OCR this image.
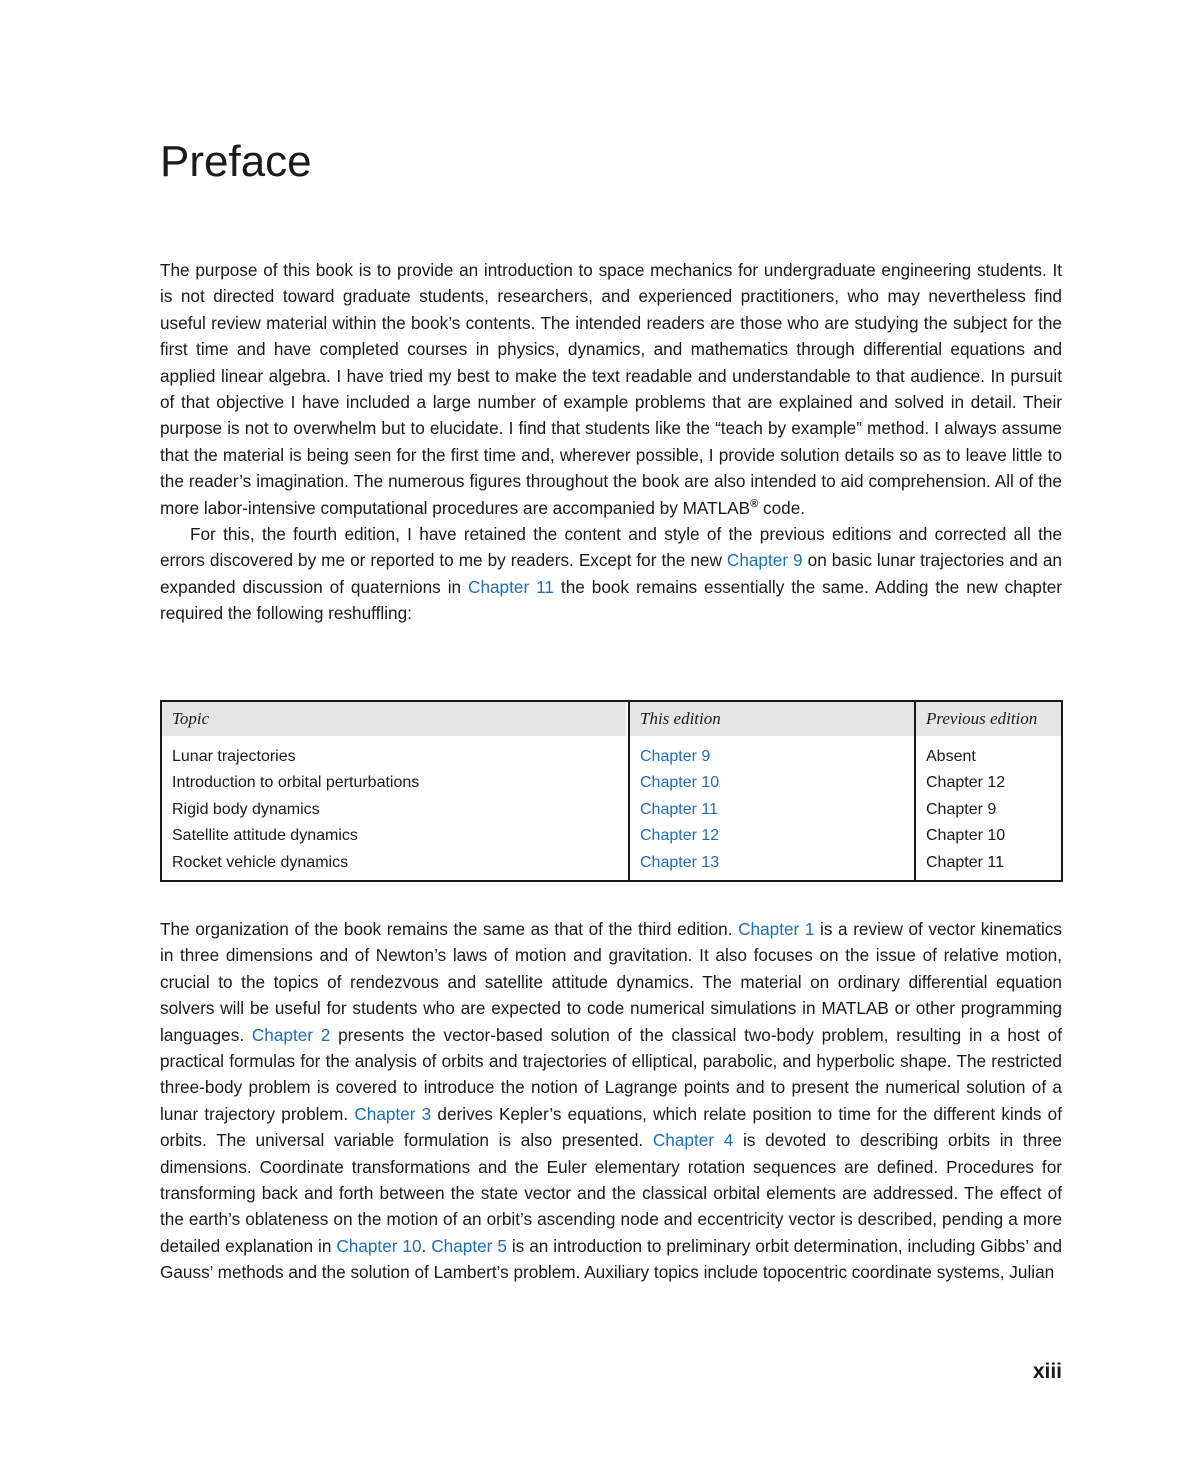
Preface

The purpose of this book is to provide an introduction to space mechanics for undergraduate engineering students. It is not directed toward graduate students, researchers, and experienced practitioners, who may nevertheless find useful review material within the book’s contents. The intended readers are those who are studying the subject for the first time and have completed courses in physics, dynamics, and mathematics through differential equations and applied linear algebra. I have tried my best to make the text readable and understandable to that audience. In pursuit of that objective I have included a large number of example problems that are explained and solved in detail. Their purpose is not to overwhelm but to elucidate. I find that students like the “teach by example” method. I always assume that the material is being seen for the first time and, wherever possible, I provide solution details so as to leave little to the reader’s imagination. The numerous figures throughout the book are also intended to aid comprehension. All of the more labor-intensive computational procedures are accompanied by MATLAB® code.

For this, the fourth edition, I have retained the content and style of the previous editions and corrected all the errors discovered by me or reported to me by readers. Except for the new Chapter 9 on basic lunar trajectories and an expanded discussion of quaternions in Chapter 11 the book remains essentially the same. Adding the new chapter required the following reshuffling:

Topic
Lunar trajectories
Introduction to orbital perturbations
Rigid body dynamics
Satellite attitude dynamics
Rocket vehicle dynamics
This edition
Chapter 9
Chapter 10
Chapter 11
Chapter 12
Chapter 13
Previous edition
Absent
Chapter 12
Chapter 9
Chapter 10
Chapter 11

The organization of the book remains the same as that of the third edition. Chapter 1 is a review of vector kinematics in three dimensions and of Newton’s laws of motion and gravitation. It also focuses on the issue of relative motion, crucial to the topics of rendezvous and satellite attitude dynamics. The material on ordinary differential equation solvers will be useful for students who are expected to code numerical simulations in MATLAB or other programming languages. Chapter 2 presents the vector-based solution of the classical two-body problem, resulting in a host of practical formulas for the analysis of orbits and trajectories of elliptical, parabolic, and hyperbolic shape. The restricted three-body problem is covered to introduce the notion of Lagrange points and to present the numerical solution of a lunar trajectory problem. Chapter 3 derives Kepler’s equations, which relate position to time for the different kinds of orbits. The universal variable formulation is also presented. Chapter 4 is devoted to describing orbits in three dimensions. Coordinate transformations and the Euler elementary rotation sequences are defined. Procedures for transforming back and forth between the state vector and the classical orbital elements are addressed. The effect of the earth’s oblateness on the motion of an orbit’s ascending node and eccentricity vector is described, pending a more detailed explanation in Chapter 10. Chapter 5 is an introduction to preliminary orbit determination, including Gibbs’ and Gauss’ methods and the solution of Lambert’s problem. Auxiliary topics include topocentric coordinate systems, Julian

xiii
